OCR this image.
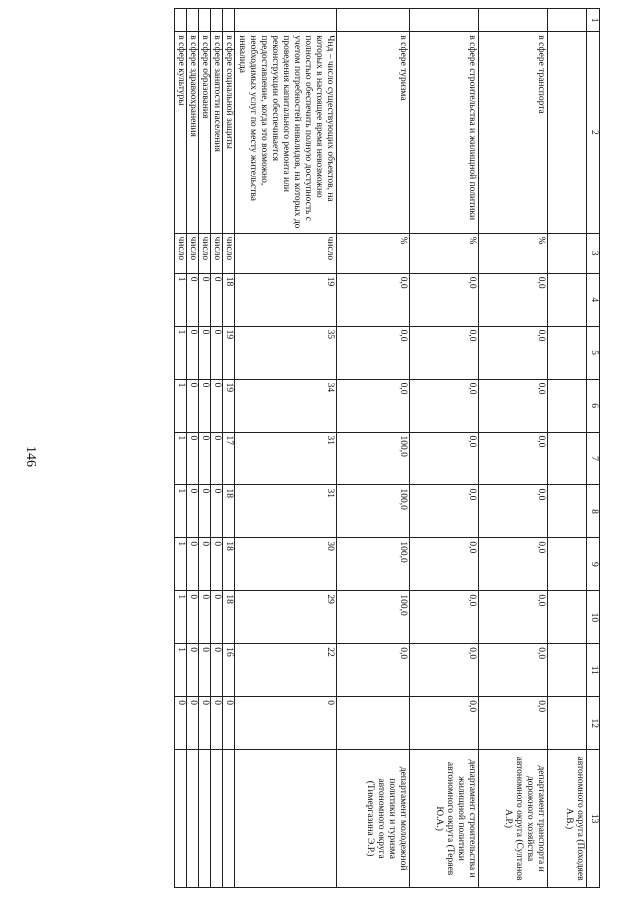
146
1	2	3	4	5	6	7	8	9	10	11	12	13
												автономного округа (Походяев А.В.)
	в сфере транспорта	%	0,0	0,0	0,0	0,0	0,0	0,0	0,0	0,0	0,0	департамент транспорта и дорожного хозяйства автономного округа (Султанов А.Р.)
	в сфере строительства и жилищной политики	%	0,0	0,0	0,0	0,0	0,0	0,0	0,0	0,0	0,0	департамент строительства и жилищной политики автономного округа (Теряев Ю.А.)
	в сфере туризма	%	0,0	0,0	0,0	100,0	100,0	100,0	100,0	0,0		департамент молодежной политики и туризма автономного округа (Тимергазина Э.Р.)
	Чнд – число существующих объектов, на которых в настоящее время невозможно полностью обеспечить полную доступность с учетом потребностей инвалидов, на которых до проведения капитального ремонта или реконструкции обеспечивается предоставление, когда это возможно, необходимых услуг по месту жительства инвалида	число	19	35	34	31	31	30	29	22	0	
	в сфере социальной защиты	число	18	19	19	17	18	18	18	16	0	
	в сфере занятости населения	число	0	0	0	0	0	0	0	0	0	
	в сфере образования	число	0	0	0	0	0	0	0	0	0	
	в сфере здравоохранения	число	0	0	0	0	0	0	0	0	0	
	в сфере культуры	число	1	1	1	1	1	1	1	1	0	
